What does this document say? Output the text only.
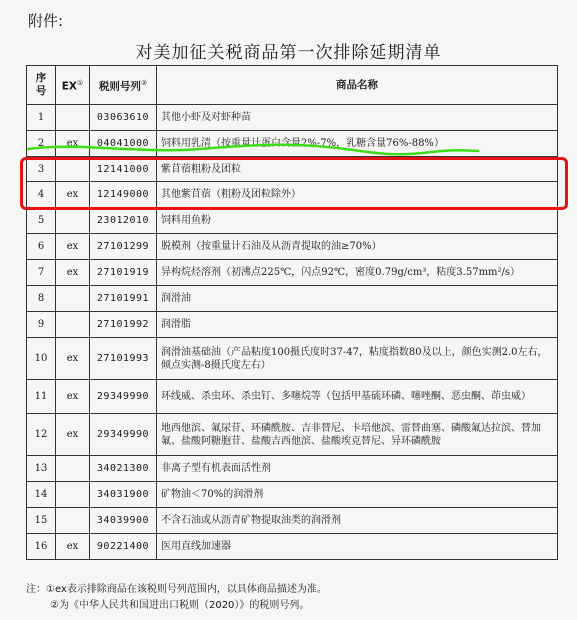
附件:
对美加征关税商品第一次排除延期清单
序号	EX①	税则号列②	商品名称
1		03063610	其他小虾及对虾种苗
2	ex	04041000	饲料用乳清（按重量计蛋白含量2%-7%，乳糖含量76%-88%）
3		12141000	紫苜蓿粗粉及团粒
4	ex	12149000	其他紫苜蓿（粗粉及团粒除外）
5		23012010	饲料用鱼粉
6	ex	27101299	脱模剂（按重量计石油及从沥青提取的油≥70%）
7	ex	27101919	异构烷烃溶剂（初沸点225℃，闪点92℃，密度0.79g/cm³，粘度3.57mm²/s）
8		27101991	润滑油
9		27101992	润滑脂
10	ex	27101993	润滑油基础油（产品粘度100摄氏度时37-47，粘度指数80及以上，颜色实测2.0左右，倾点实测-8摄氏度左右）
11	ex	29349990	环线威、杀虫环、杀虫钉、多噻烷等（包括甲基硫环磷、噻唑酮、恶虫酮、茚虫威）
12	ex	29349990	地西他滨、氟尿苷、环磷酰胺、吉非替尼、卡培他滨、雷替曲塞、磷酸氟达拉滨、替加氟、盐酸阿糖胞苷、盐酸吉西他滨、盐酸埃克替尼、异环磷酰胺
13		34021300	非离子型有机表面活性剂
14		34031900	矿物油＜70%的润滑剂
15		34039900	不含石油或从沥青矿物提取油类的润滑剂
16	ex	90221400	医用直线加速器
注：①ex表示排除商品在该税则号列范围内，以具体商品描述为准。
②为《中华人民共和国进出口税则（2020）》的税则号列。
